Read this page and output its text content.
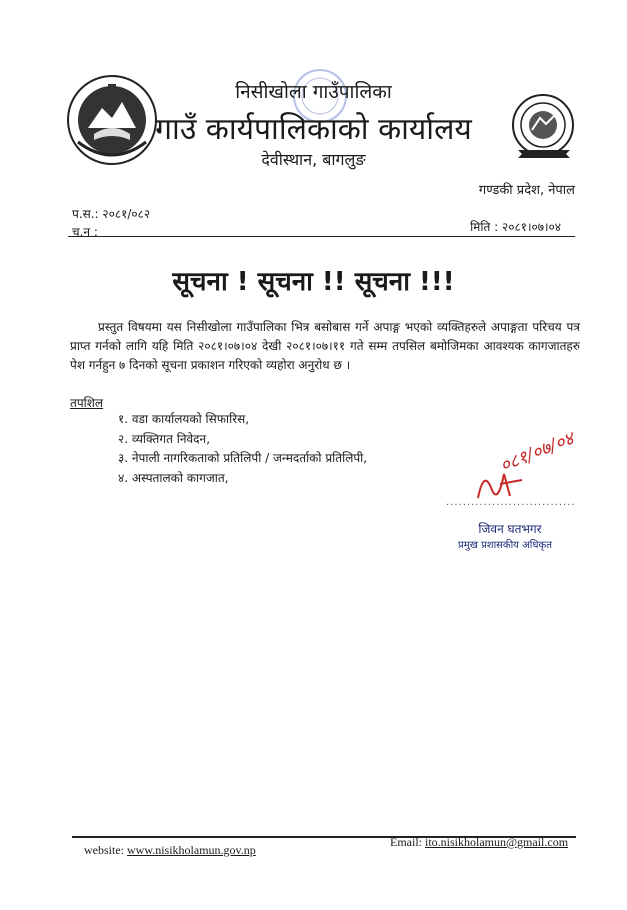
निसीखोला गाउँपालिका
गाउँ कार्यपालिकाको कार्यालय
देवीस्थान, बागलुङ
गण्डकी प्रदेश, नेपाल
प.स.: २०८१/०८२
च.न :	मिति : २०८१।०७।०४
सूचना ! सूचना !! सूचना !!!
प्रस्तुत विषयमा यस निसीखोला गाउँपालिका भित्र बसोबास गर्ने अपाङ्ग भएको व्यक्तिहरुले अपाङ्गता परिचय पत्र प्राप्त गर्नको लागि यहि मिति २०८१।०७।०४ देखी २०८१।०७।११ गते सम्म तपसिल बमोजिमका आवश्यक कागजातहरु पेश गर्नहुन ७ दिनको सूचना प्रकाशन गरिएको व्यहोरा अनुरोध छ ।
तपशिल
१. वडा कार्यालयको सिफारिस,
२. व्यक्तिगत निवेदन,
३. नेपाली नागरिकताको प्रतिलिपी / जन्मदर्ताको प्रतिलिपी,
४. अस्पतालको कागजात,
०८१/०७/०४
...............................
जिवन घतभगर
प्रमुख प्रशासकीय अधिकृत
website: www.nisikholamun.gov.np
Email: ito.nisikholamun@gmail.com
